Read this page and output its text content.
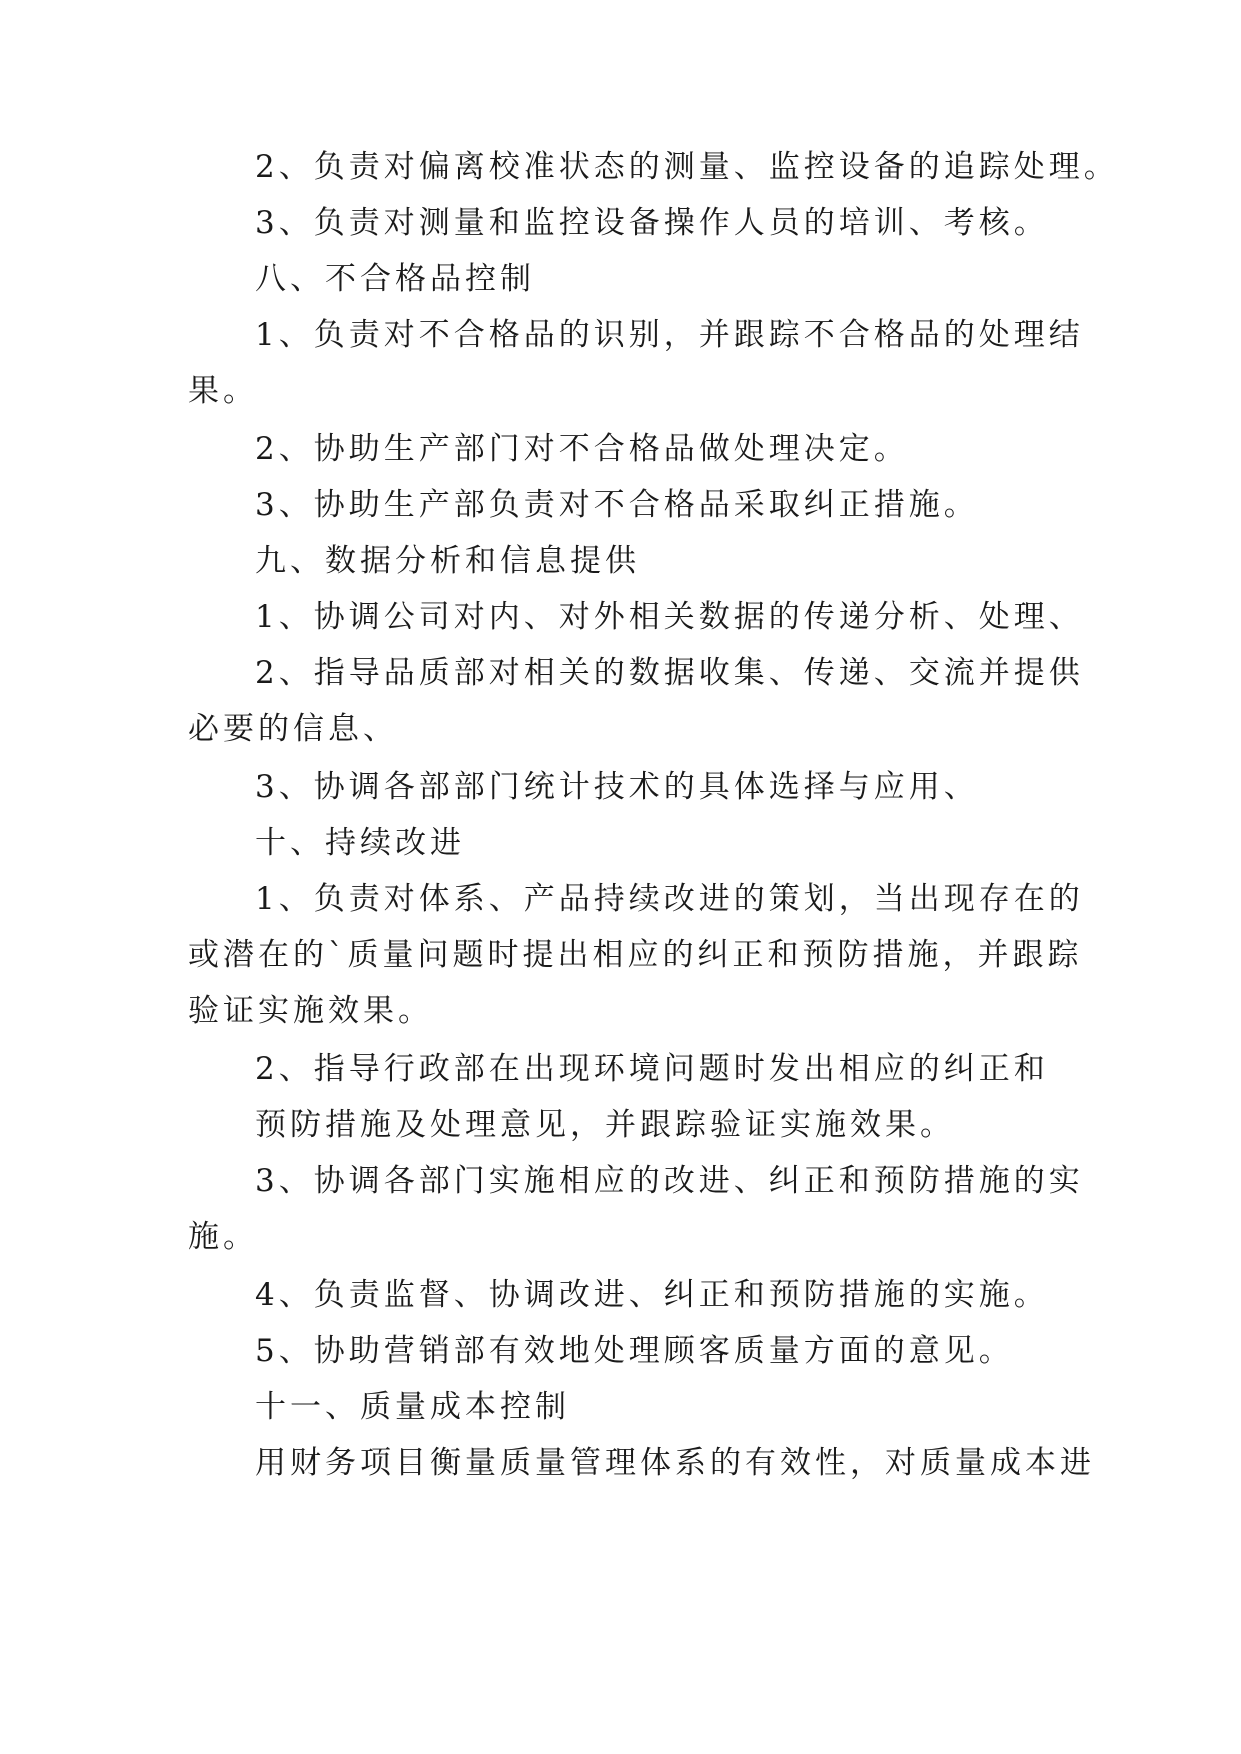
2、负责对偏离校准状态的测量、监控设备的追踪处理。

3、负责对测量和监控设备操作人员的培训、考核。

八、不合格品控制

1、负责对不合格品的识别，并跟踪不合格品的处理结

果。

2、协助生产部门对不合格品做处理决定。

3、协助生产部负责对不合格品采取纠正措施。

九、数据分析和信息提供

1、协调公司对内、对外相关数据的传递分析、处理、

2、指导品质部对相关的数据收集、传递、交流并提供

必要的信息、

3、协调各部部门统计技术的具体选择与应用、

十、持续改进

1、负责对体系、产品持续改进的策划，当出现存在的

或潜在的`质量问题时提出相应的纠正和预防措施，并跟踪

验证实施效果。

2、指导行政部在出现环境问题时发出相应的纠正和

预防措施及处理意见，并跟踪验证实施效果。

3、协调各部门实施相应的改进、纠正和预防措施的实

施。

4、负责监督、协调改进、纠正和预防措施的实施。

5、协助营销部有效地处理顾客质量方面的意见。

十一、质量成本控制

用财务项目衡量质量管理体系的有效性，对质量成本进
